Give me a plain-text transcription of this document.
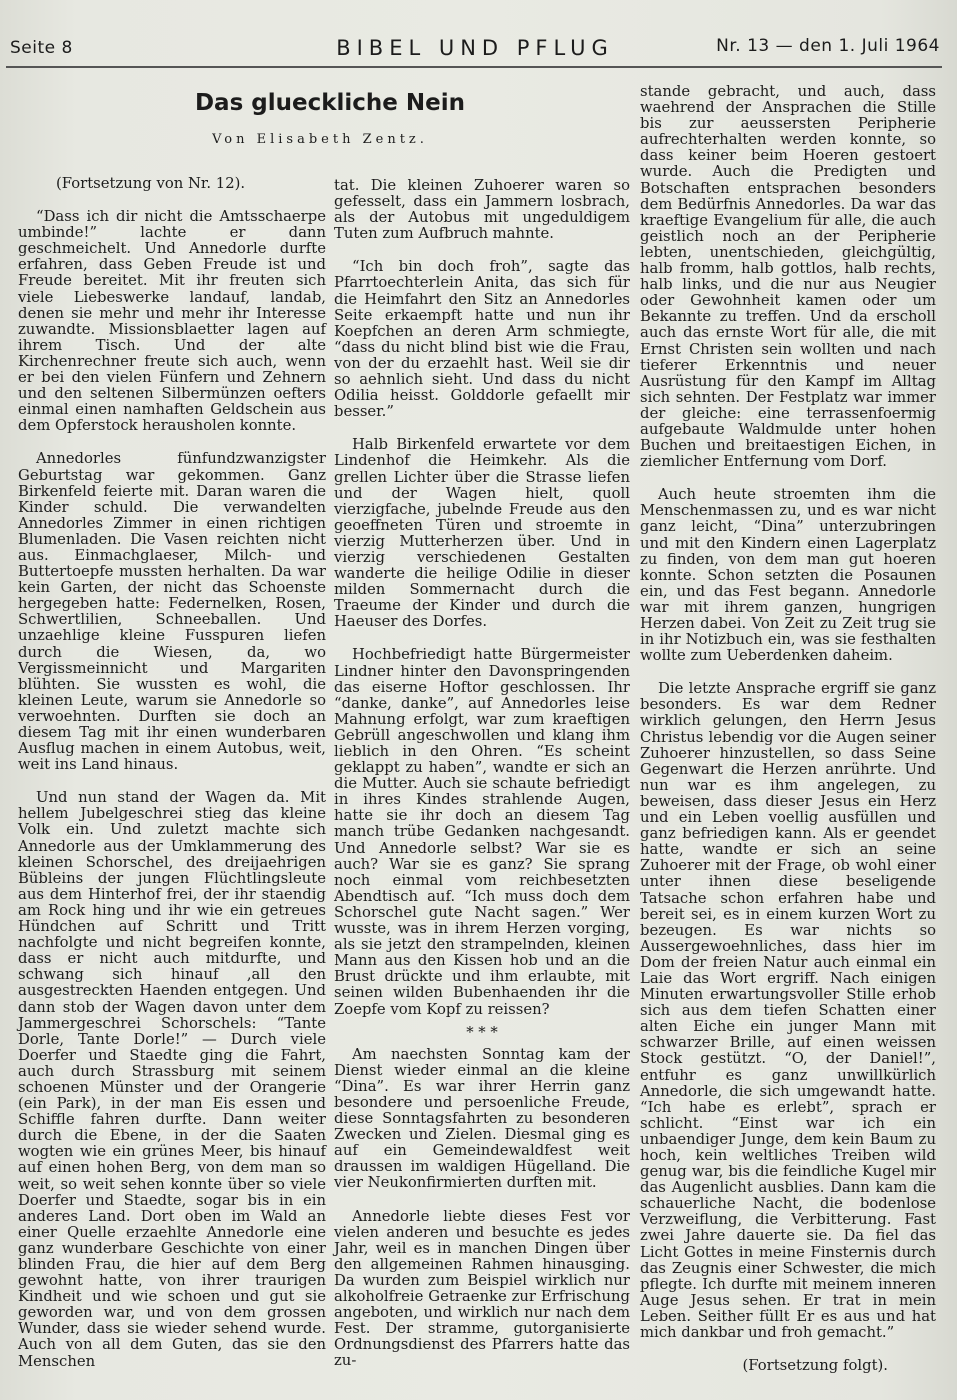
Seite 8	BIBEL UND PFLUG	Nr. 13 — den 1. Juli 1964
Das glueckliche Nein
Von Elisabeth Zentz.

(Fortsetzung von Nr. 12).

“Dass ich dir nicht die Amtsschaerpe umbinde!” lachte er dann geschmeichelt. Und Annedorle durfte erfahren, dass Geben Freude ist und Freude bereitet. Mit ihr freuten sich viele Liebeswerke landauf, landab, denen sie mehr und mehr ihr Interesse zuwandte. Missionsblaetter lagen auf ihrem Tisch. Und der alte Kirchenrechner freute sich auch, wenn er bei den vielen Fünfern und Zehnern und den seltenen Silbermünzen oefters einmal einen namhaften Geldschein aus dem Opferstock herausholen konnte.

Annedorles fünfundzwanzigster Geburtstag war gekommen. Ganz Birkenfeld feierte mit. Daran waren die Kinder schuld. Die verwandelten Annedorles Zimmer in einen richtigen Blumenladen. Die Vasen reichten nicht aus. Einmachglaeser, Milch- und Buttertoepfe mussten herhalten. Da war kein Garten, der nicht das Schoenste hergegeben hatte: Federnelken, Rosen, Schwertlilien, Schneeballen. Und unzaehlige kleine Fusspuren liefen durch die Wiesen, da, wo Vergissmeinnicht und Margariten blühten. Sie wussten es wohl, die kleinen Leute, warum sie Annedorle so verwoehnten. Durften sie doch an diesem Tag mit ihr einen wunderbaren Ausflug machen in einem Autobus, weit, weit ins Land hinaus.

Und nun stand der Wagen da. Mit hellem Jubelgeschrei stieg das kleine Volk ein. Und zuletzt machte sich Annedorle aus der Umklammerung des kleinen Schorschel, des dreijaehrigen Bübleins der jungen Flüchtlingsleute aus dem Hinterhof frei, der ihr staendig am Rock hing und ihr wie ein getreues Hündchen auf Schritt und Tritt nachfolgte und nicht begreifen konnte, dass er nicht auch mitdurfte, und schwang sich hinauf ,all den ausgestreckten Haenden entgegen. Und dann stob der Wagen davon unter dem Jammergeschrei Schorschels: “Tante Dorle, Tante Dorle!” — Durch viele Doerfer und Staedte ging die Fahrt, auch durch Strassburg mit seinem schoenen Münster und der Orangerie (ein Park), in der man Eis essen und Schiffle fahren durfte. Dann weiter durch die Ebene, in der die Saaten wogten wie ein grünes Meer, bis hinauf auf einen hohen Berg, von dem man so weit, so weit sehen konnte über so viele Doerfer und Staedte, sogar bis in ein anderes Land. Dort oben im Wald an einer Quelle erzaehlte Annedorle eine ganz wunderbare Geschichte von einer blinden Frau, die hier auf dem Berg gewohnt hatte, von ihrer traurigen Kindheit und wie schoen und gut sie geworden war, und von dem grossen Wunder, dass sie wieder sehend wurde. Auch von all dem Guten, das sie den Menschen

tat. Die kleinen Zuhoerer waren so gefesselt, dass ein Jammern losbrach, als der Autobus mit ungeduldigem Tuten zum Aufbruch mahnte.

“Ich bin doch froh”, sagte das Pfarrtoechterlein Anita, das sich für die Heimfahrt den Sitz an Annedorles Seite erkaempft hatte und nun ihr Koepfchen an deren Arm schmiegte, “dass du nicht blind bist wie die Frau, von der du erzaehlt hast. Weil sie dir so aehnlich sieht. Und dass du nicht Odilia heisst. Golddorle gefaellt mir besser.”

Halb Birkenfeld erwartete vor dem Lindenhof die Heimkehr. Als die grellen Lichter über die Strasse liefen und der Wagen hielt, quoll vierzigfache, jubelnde Freude aus den geoeffneten Türen und stroemte in vierzig Mutterherzen über. Und in vierzig verschiedenen Gestalten wanderte die heilige Odilie in dieser milden Sommernacht durch die Traeume der Kinder und durch die Haeuser des Dorfes.

Hochbefriedigt hatte Bürgermeister Lindner hinter den Davonspringenden das eiserne Hoftor geschlossen. Ihr “danke, danke”, auf Annedorles leise Mahnung erfolgt, war zum kraeftigen Gebrüll angeschwollen und klang ihm lieblich in den Ohren. “Es scheint geklappt zu haben”, wandte er sich an die Mutter. Auch sie schaute befriedigt in ihres Kindes strahlende Augen, hatte sie ihr doch an diesem Tag manch trübe Gedanken nachgesandt. Und Annedorle selbst? War sie es auch? War sie es ganz? Sie sprang noch einmal vom reichbesetzten Abendtisch auf. “Ich muss doch dem Schorschel gute Nacht sagen.” Wer wusste, was in ihrem Herzen vorging, als sie jetzt den strampelnden, kleinen Mann aus den Kissen hob und an die Brust drückte und ihm erlaubte, mit seinen wilden Bubenhaenden ihr die Zoepfe vom Kopf zu reissen?

* * *

Am naechsten Sonntag kam der Dienst wieder einmal an die kleine “Dina”. Es war ihrer Herrin ganz besondere und persoenliche Freude, diese Sonntagsfahrten zu besonderen Zwecken und Zielen. Diesmal ging es auf ein Gemeindewaldfest weit draussen im waldigen Hügelland. Die vier Neukonfirmierten durften mit.

Annedorle liebte dieses Fest vor vielen anderen und besuchte es jedes Jahr, weil es in manchen Dingen über den allgemeinen Rahmen hinausging. Da wurden zum Beispiel wirklich nur alkoholfreie Getraenke zur Erfrischung angeboten, und wirklich nur nach dem Fest. Der stramme, gutorganisierte Ordnungsdienst des Pfarrers hatte das zu-

stande gebracht, und auch, dass waehrend der Ansprachen die Stille bis zur aeussersten Peripherie aufrechterhalten werden konnte, so dass keiner beim Hoeren gestoert wurde. Auch die Predigten und Botschaften entsprachen besonders dem Bedürfnis Annedorles. Da war das kraeftige Evangelium für alle, die auch geistlich noch an der Peripherie lebten, unentschieden, gleichgültig, halb fromm, halb gottlos, halb rechts, halb links, und die nur aus Neugier oder Gewohnheit kamen oder um Bekannte zu treffen. Und da erscholl auch das ernste Wort für alle, die mit Ernst Christen sein wollten und nach tieferer Erkenntnis und neuer Ausrüstung für den Kampf im Alltag sich sehnten. Der Festplatz war immer der gleiche: eine terrassenfoermig aufgebaute Waldmulde unter hohen Buchen und breitaestigen Eichen, in ziemlicher Entfernung vom Dorf.

Auch heute stroemten ihm die Menschenmassen zu, und es war nicht ganz leicht, “Dina” unterzubringen und mit den Kindern einen Lagerplatz zu finden, von dem man gut hoeren konnte. Schon setzten die Posaunen ein, und das Fest begann. Annedorle war mit ihrem ganzen, hungrigen Herzen dabei. Von Zeit zu Zeit trug sie in ihr Notizbuch ein, was sie festhalten wollte zum Ueberdenken daheim.

Die letzte Ansprache ergriff sie ganz besonders. Es war dem Redner wirklich gelungen, den Herrn Jesus Christus lebendig vor die Augen seiner Zuhoerer hinzustellen, so dass Seine Gegenwart die Herzen anrührte. Und nun war es ihm angelegen, zu beweisen, dass dieser Jesus ein Herz und ein Leben voellig ausfüllen und ganz befriedigen kann. Als er geendet hatte, wandte er sich an seine Zuhoerer mit der Frage, ob wohl einer unter ihnen diese beseligende Tatsache schon erfahren habe und bereit sei, es in einem kurzen Wort zu bezeugen. Es war nichts so Aussergewoehnliches, dass hier im Dom der freien Natur auch einmal ein Laie das Wort ergriff. Nach einigen Minuten erwartungsvoller Stille erhob sich aus dem tiefen Schatten einer alten Eiche ein junger Mann mit schwarzer Brille, auf einen weissen Stock gestützt. “O, der Daniel!”, entfuhr es ganz unwillkürlich Annedorle, die sich umgewandt hatte. “Ich habe es erlebt”, sprach er schlicht. “Einst war ich ein unbaendiger Junge, dem kein Baum zu hoch, kein weltliches Treiben wild genug war, bis die feindliche Kugel mir das Augenlicht ausblies. Dann kam die schauerliche Nacht, die bodenlose Verzweiflung, die Verbitterung. Fast zwei Jahre dauerte sie. Da fiel das Licht Gottes in meine Finsternis durch das Zeugnis einer Schwester, die mich pflegte. Ich durfte mit meinem inneren Auge Jesus sehen. Er trat in mein Leben. Seither füllt Er es aus und hat mich dankbar und froh gemacht.”

(Fortsetzung folgt).
